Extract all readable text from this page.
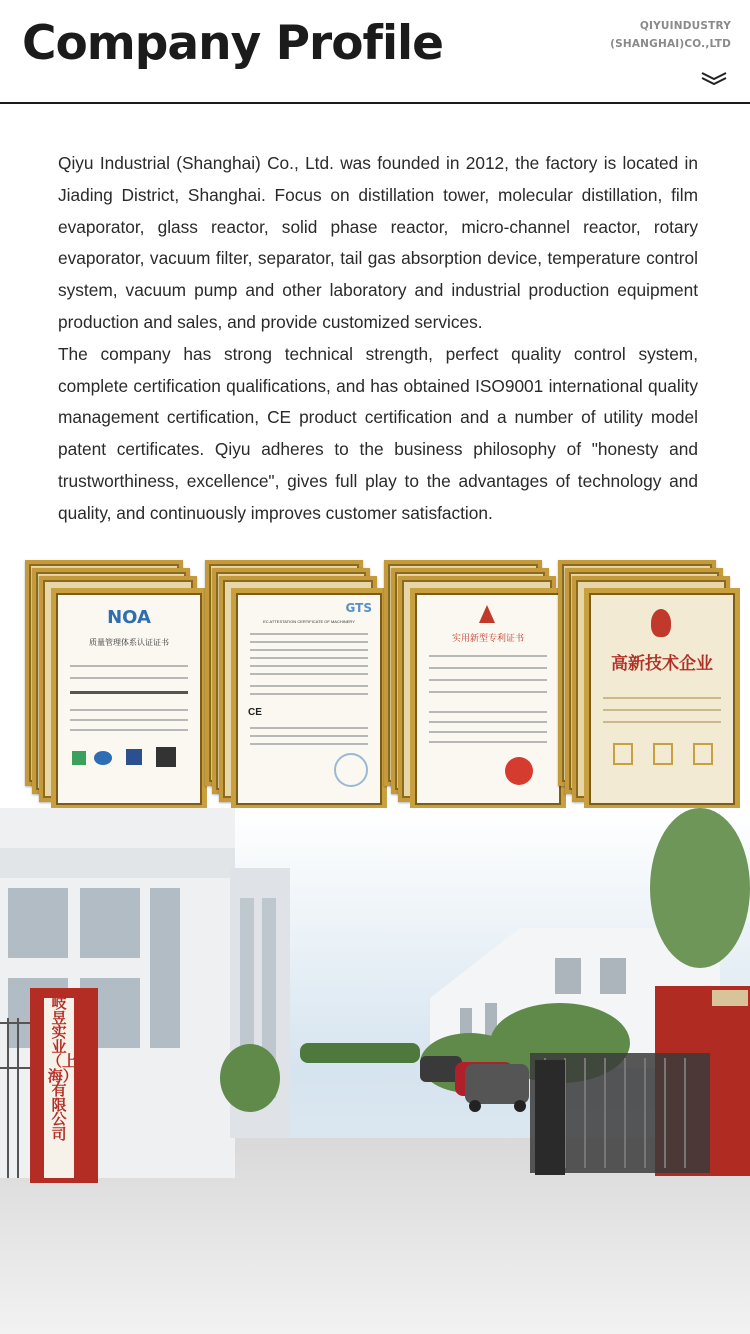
Company Profile	QIYUINDUSTRY
(SHANGHAI)CO.,LTD

Qiyu Industrial (Shanghai) Co., Ltd. was founded in 2012, the factory is located in Jiading District, Shanghai. Focus on distillation tower, molecular distillation, film evaporator, glass reactor, solid phase reactor, micro-channel reactor, rotary evaporator, vacuum filter, separator, tail gas absorption device, temperature control system, vacuum pump and other laboratory and industrial production equipment production and sales, and provide customized services.

The company has strong technical strength, perfect quality control system, complete certification qualifications, and has obtained ISO9001 international quality management certification, CE product certification and a number of utility model patent certificates. Qiyu adheres to the business philosophy of "honesty and trustworthiness, excellence", gives full play to the advantages of technology and quality, and continuously improves customer satisfaction.

NOA
质量管理体系认证证书
GTS
EC ATTESTATION CERTIFICATE OF MACHINERY
CE
实用新型专利证书
高新技术企业
岐昱实业（上海）有限公司
